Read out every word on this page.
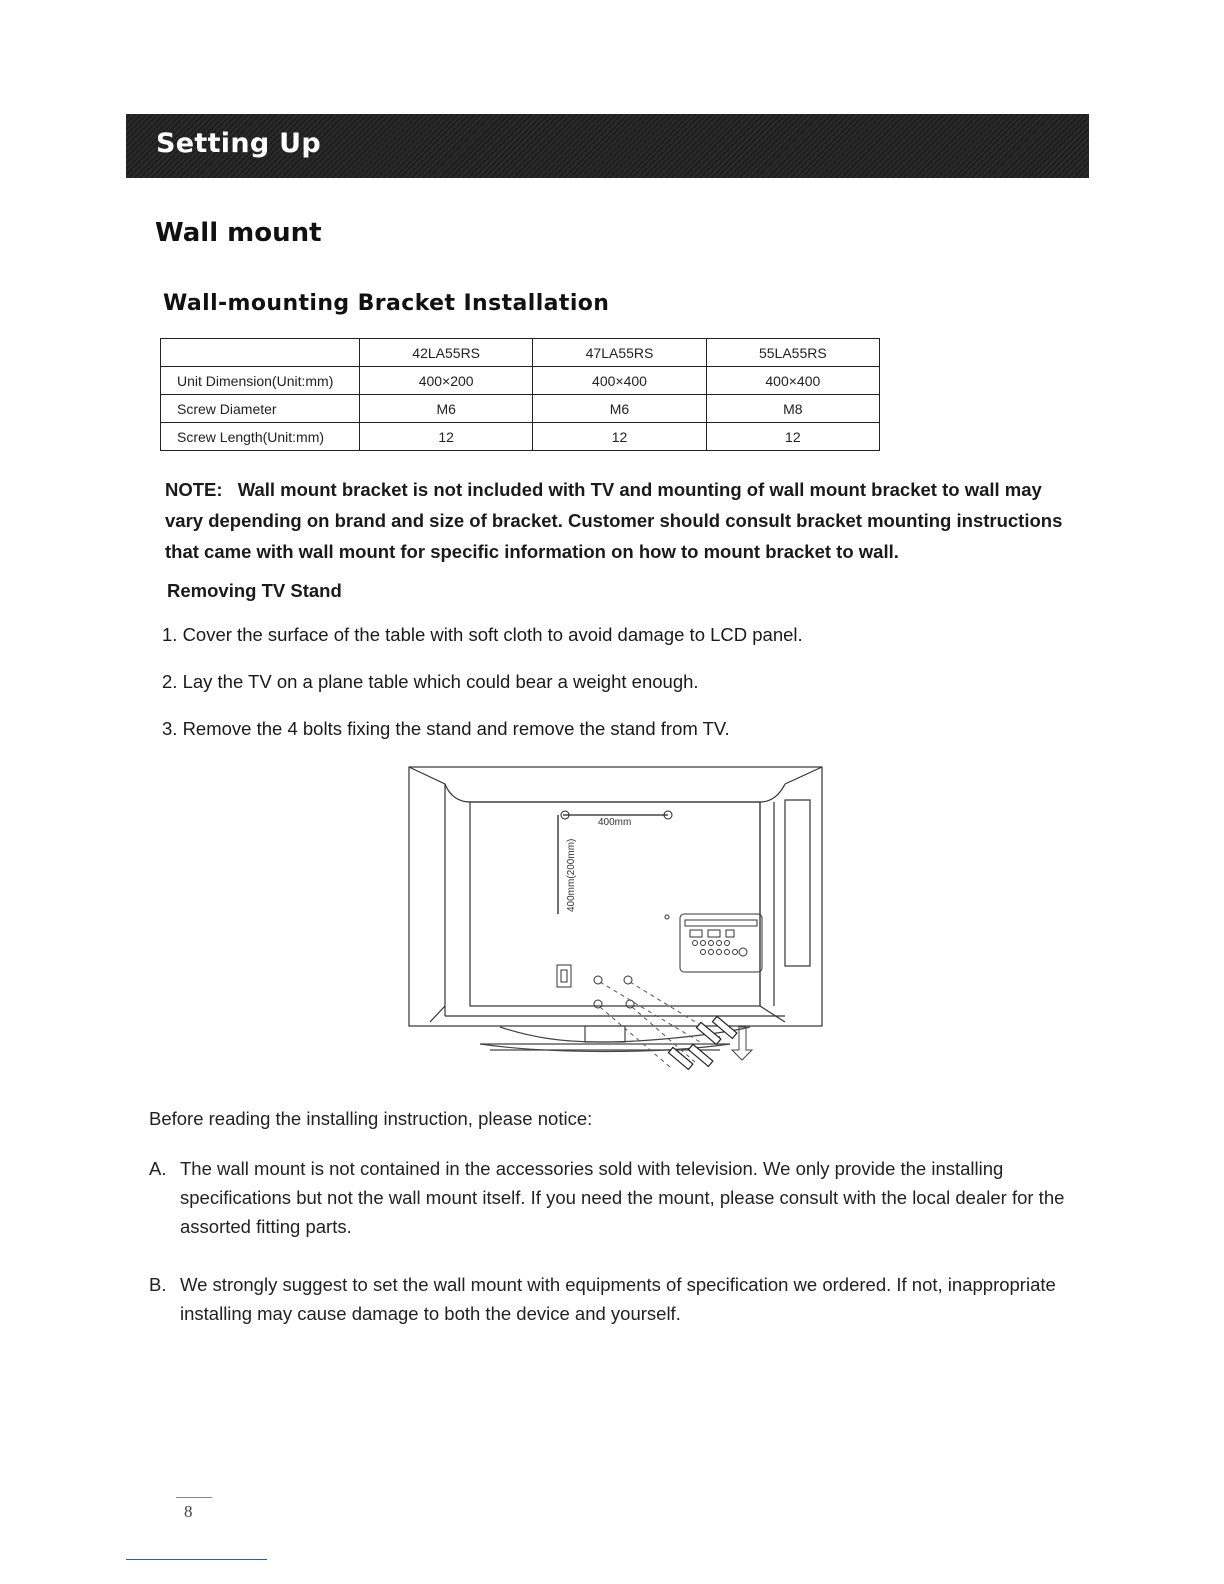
Setting Up
Wall mount
Wall-mounting Bracket Installation
	42LA55RS	47LA55RS	55LA55RS
Unit Dimension(Unit:mm)	400×200	400×400	400×400
Screw Diameter	M6	M6	M8
Screw Length(Unit:mm)	12	12	12
NOTE: Wall mount bracket is not included with TV and mounting of wall mount bracket to wall may vary depending on brand and size of bracket. Customer should consult bracket mounting instructions that came with wall mount for specific information on how to mount bracket to wall.
Removing TV Stand
1. Cover the surface of the table with soft cloth to avoid damage to LCD panel.
2. Lay the TV on a plane table which could bear a weight enough.
3. Remove the 4 bolts fixing the stand and remove the stand from TV.
400mm
400mm(200mm)
Before reading the installing instruction, please notice:
A. The wall mount is not contained in the accessories sold with television. We only provide the installing specifications but not the wall mount itself. If you need the mount, please consult with the local dealer for the assorted fitting parts.
B. We strongly suggest to set the wall mount with equipments of specification we ordered. If not, inappropriate installing may cause damage to both the device and yourself.
8
